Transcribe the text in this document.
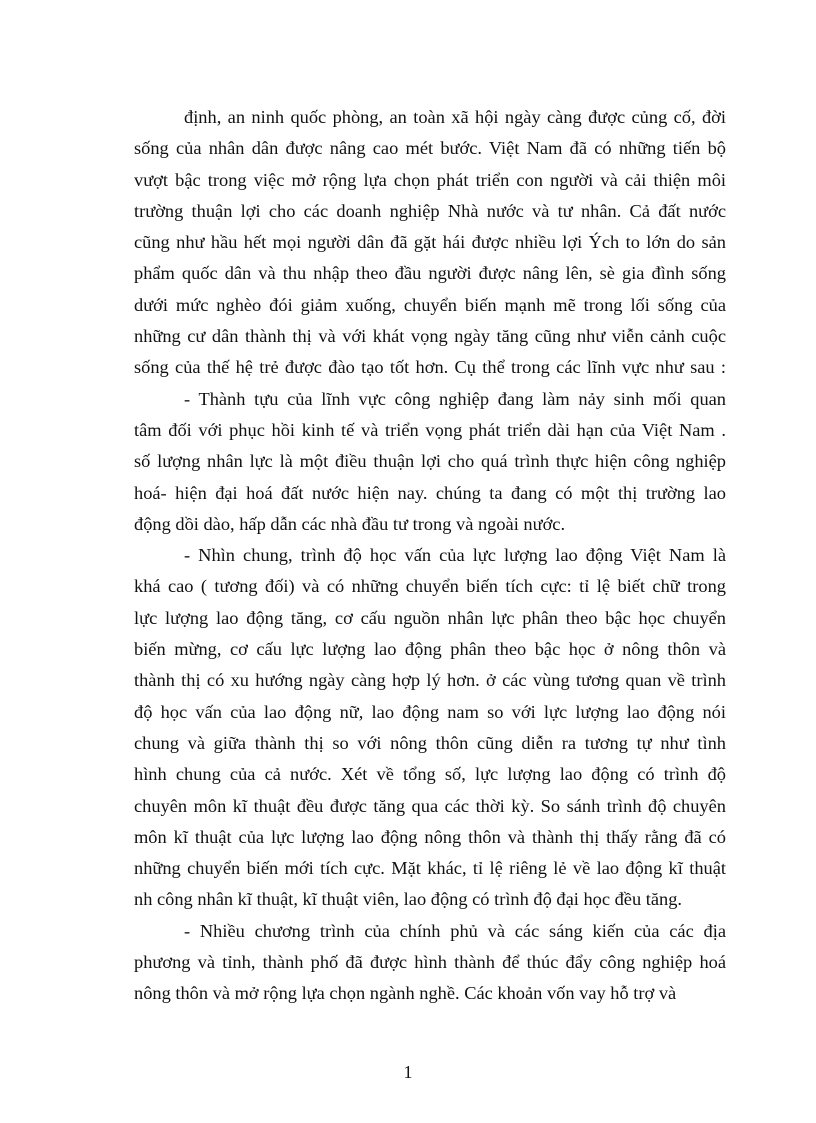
định, an ninh quốc phòng, an toàn xã hội ngày càng được củng cố, đời
sống của nhân dân được nâng cao mét bước. Việt Nam đã có những tiến bộ
vượt bậc trong việc mở rộng lựa chọn phát triển con người và cải thiện môi
trường thuận lợi cho các doanh nghiệp Nhà nước và tư nhân. Cả đất nước
cũng như hầu hết mọi người dân đã gặt hái được nhiều lợi Ých to lớn do sản
phẩm quốc dân và thu nhập theo đầu người được nâng lên, sè gia đình sống
dưới mức nghèo đói giảm xuống, chuyển biến mạnh mẽ trong lối sống của
những cư dân thành thị và với khát vọng ngày tăng cũng như viễn cảnh cuộc
sống của thế hệ trẻ được đào tạo tốt hơn. Cụ thể trong các lĩnh vực như sau :
- Thành tựu của lĩnh vực công nghiệp đang làm nảy sinh mối quan
tâm đối với phục hồi kinh tế và triển vọng phát triển dài hạn của Việt Nam .
số lượng nhân lực là một điều thuận lợi cho quá trình thực hiện công nghiệp
hoá- hiện đại hoá đất nước hiện nay. chúng ta đang có một thị trường lao
động dồi dào, hấp dẫn các nhà đầu tư trong và ngoài nước.
- Nhìn chung, trình độ học vấn của lực lượng lao động Việt Nam là
khá cao ( tương đối) và có những chuyển biến tích cực: tỉ lệ biết chữ trong
lực lượng lao động tăng, cơ cấu nguồn nhân lực phân theo bậc học chuyển
biến mừng, cơ cấu lực lượng lao động phân theo bậc học ở nông thôn và
thành thị có xu hướng ngày càng hợp lý hơn. ở các vùng tương quan về trình
độ học vấn của lao động nữ, lao động nam so với lực lượng lao động nói
chung và giữa thành thị so với nông thôn cũng diễn ra tương tự như tình
hình chung của cả nước. Xét về tổng số, lực lượng lao động có trình độ
chuyên môn kĩ thuật đều được tăng qua các thời kỳ. So sánh trình độ chuyên
môn kĩ thuật của lực lượng lao động nông thôn và thành thị thấy rằng đã có
những chuyển biến mới tích cực. Mặt khác, tỉ lệ riêng lẻ về lao động kĩ thuật
nh công nhân kĩ thuật, kĩ thuật viên, lao động có trình độ đại học đều tăng.
- Nhiều chương trình của chính phủ và các sáng kiến của các địa
phương và tỉnh, thành phố đã được hình thành để thúc đẩy công nghiệp hoá
nông thôn và mở rộng lựa chọn ngành nghề. Các khoản vốn vay hỗ trợ và
1
